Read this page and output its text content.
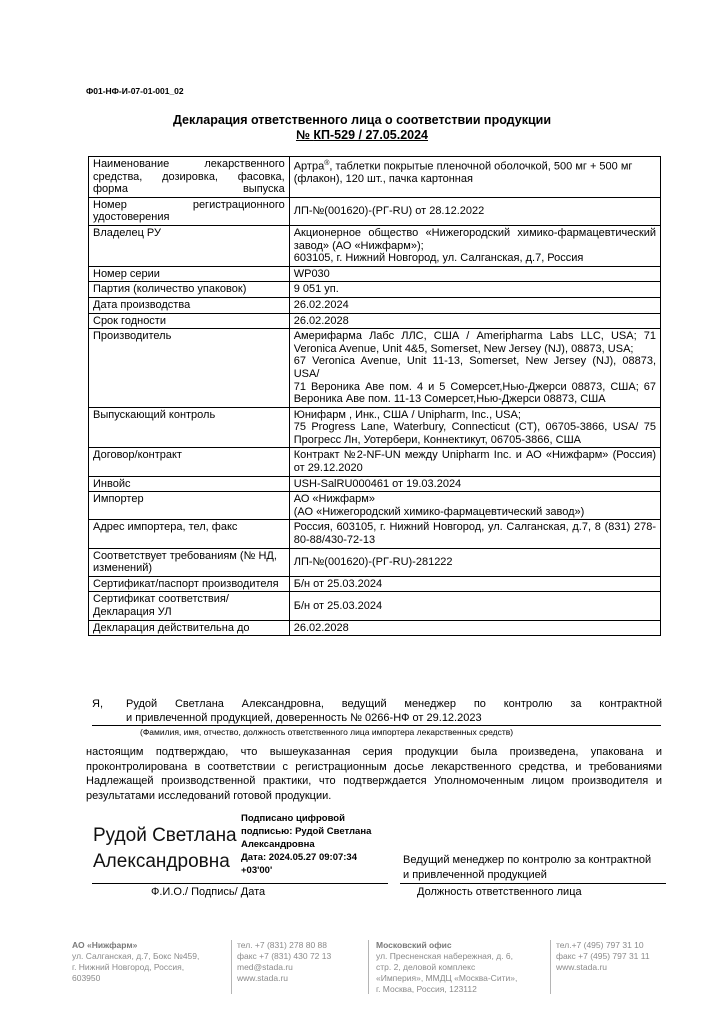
Ф01-НФ-И-07-01-001_02
Декларация ответственного лица о соответствии продукции
№ КП-529 / 27.05.2024
Наименование лекарственного средства, дозировка, фасовка, форма выпуска	Артра®, таблетки покрытые пленочной оболочкой, 500 мг + 500 мг (флакон), 120 шт., пачка картонная
Номер регистрационного удостоверения	ЛП-№(001620)-(РГ-RU) от 28.12.2022
Владелец РУ	Акционерное общество «Нижегородский химико-фармацевтический завод» (АО «Нижфарм»);
603105, г. Нижний Новгород, ул. Салганская, д.7, Россия

Номер серии	WP030
Партия (количество упаковок)	9 051 уп.
Дата производства	26.02.2024
Срок годности	26.02.2028
Производитель	Америфарма Лабс ЛЛС, США / Ameripharma Labs LLC, USA; 71 Veronica Avenue, Unit 4&5, Somerset, New Jersey (NJ), 08873, USA;
67 Veronica Avenue, Unit 11-13, Somerset, New Jersey (NJ), 08873, USA/
71 Вероника Аве пом. 4 и 5 Сомерсет,Нью-Джерси 08873, США; 67 Вероника Аве пом. 11-13 Сомерсет,Нью-Джерси 08873, США

Выпускающий контроль	Юнифарм , Инк., США / Unipharm, Inc., USA;
75 Progress Lane, Waterbury, Connecticut (CT), 06705-3866, USA/ 75 Прогресс Лн, Уотербери, Коннектикут, 06705-3866, США

Договор/контракт	Контракт №2-NF-UN между Unipharm Inc. и АО «Нижфарм» (Россия) от 29.12.2020
Инвойс	USH-SalRU000461 от 19.03.2024
Импортер	АО «Нижфарм»
(АО «Нижегородский химико-фармацевтический завод»)

Адрес импортера, тел, факс	Россия, 603105, г. Нижний Новгород, ул. Салганская, д.7, 8 (831) 278-80-88/430-72-13
Соответствует требованиям (№ НД, изменений)	ЛП-№(001620)-(РГ-RU)-281222
Сертификат/паспорт производителя	Б/н от 25.03.2024
Сертификат соответствия/Декларация УЛ	Б/н от 25.03.2024
Декларация действительна до	26.02.2028
Я,	Рудой Светлана Александровна, ведущий менеджер по контролю за контрактной
и привлеченной продукцией, доверенность № 0266-НФ от 29.12.2023
(Фамилия, имя, отчество, должность ответственного лица импортера лекарственных средств)
настоящим подтверждаю, что вышеуказанная серия продукции была произведена, упакована и проконтролирована в соответствии с регистрационным досье лекарственного средства, и требованиями Надлежащей производственной практики, что подтверждается Уполномоченным лицом производителя и результатами исследований готовой продукции.
Рудой Светлана
Александровна
Подписано цифровой
подписью: Рудой Светлана
Александровна
Дата: 2024.05.27 09:07:34
+03'00'
Ведущий менеджер по контролю за контрактной
и привлеченной продукцией
Ф.И.О./ Подпись/ Дата	Должность ответственного лица
АО «Нижфарм»
ул. Салганская, д.7, Бокс №459,
г. Нижний Новгород, Россия,
603950
тел. +7 (831) 278 80 88
факс +7 (831) 430 72 13
med@stada.ru
www.stada.ru
Московский офис
ул. Пресненская набережная, д. 6,
стр. 2, деловой комплекс
«Империя», ММДЦ «Москва-Сити»,
г. Москва, Россия, 123112
тел.+7 (495) 797 31 10
факс +7 (495) 797 31 11
www.stada.ru
